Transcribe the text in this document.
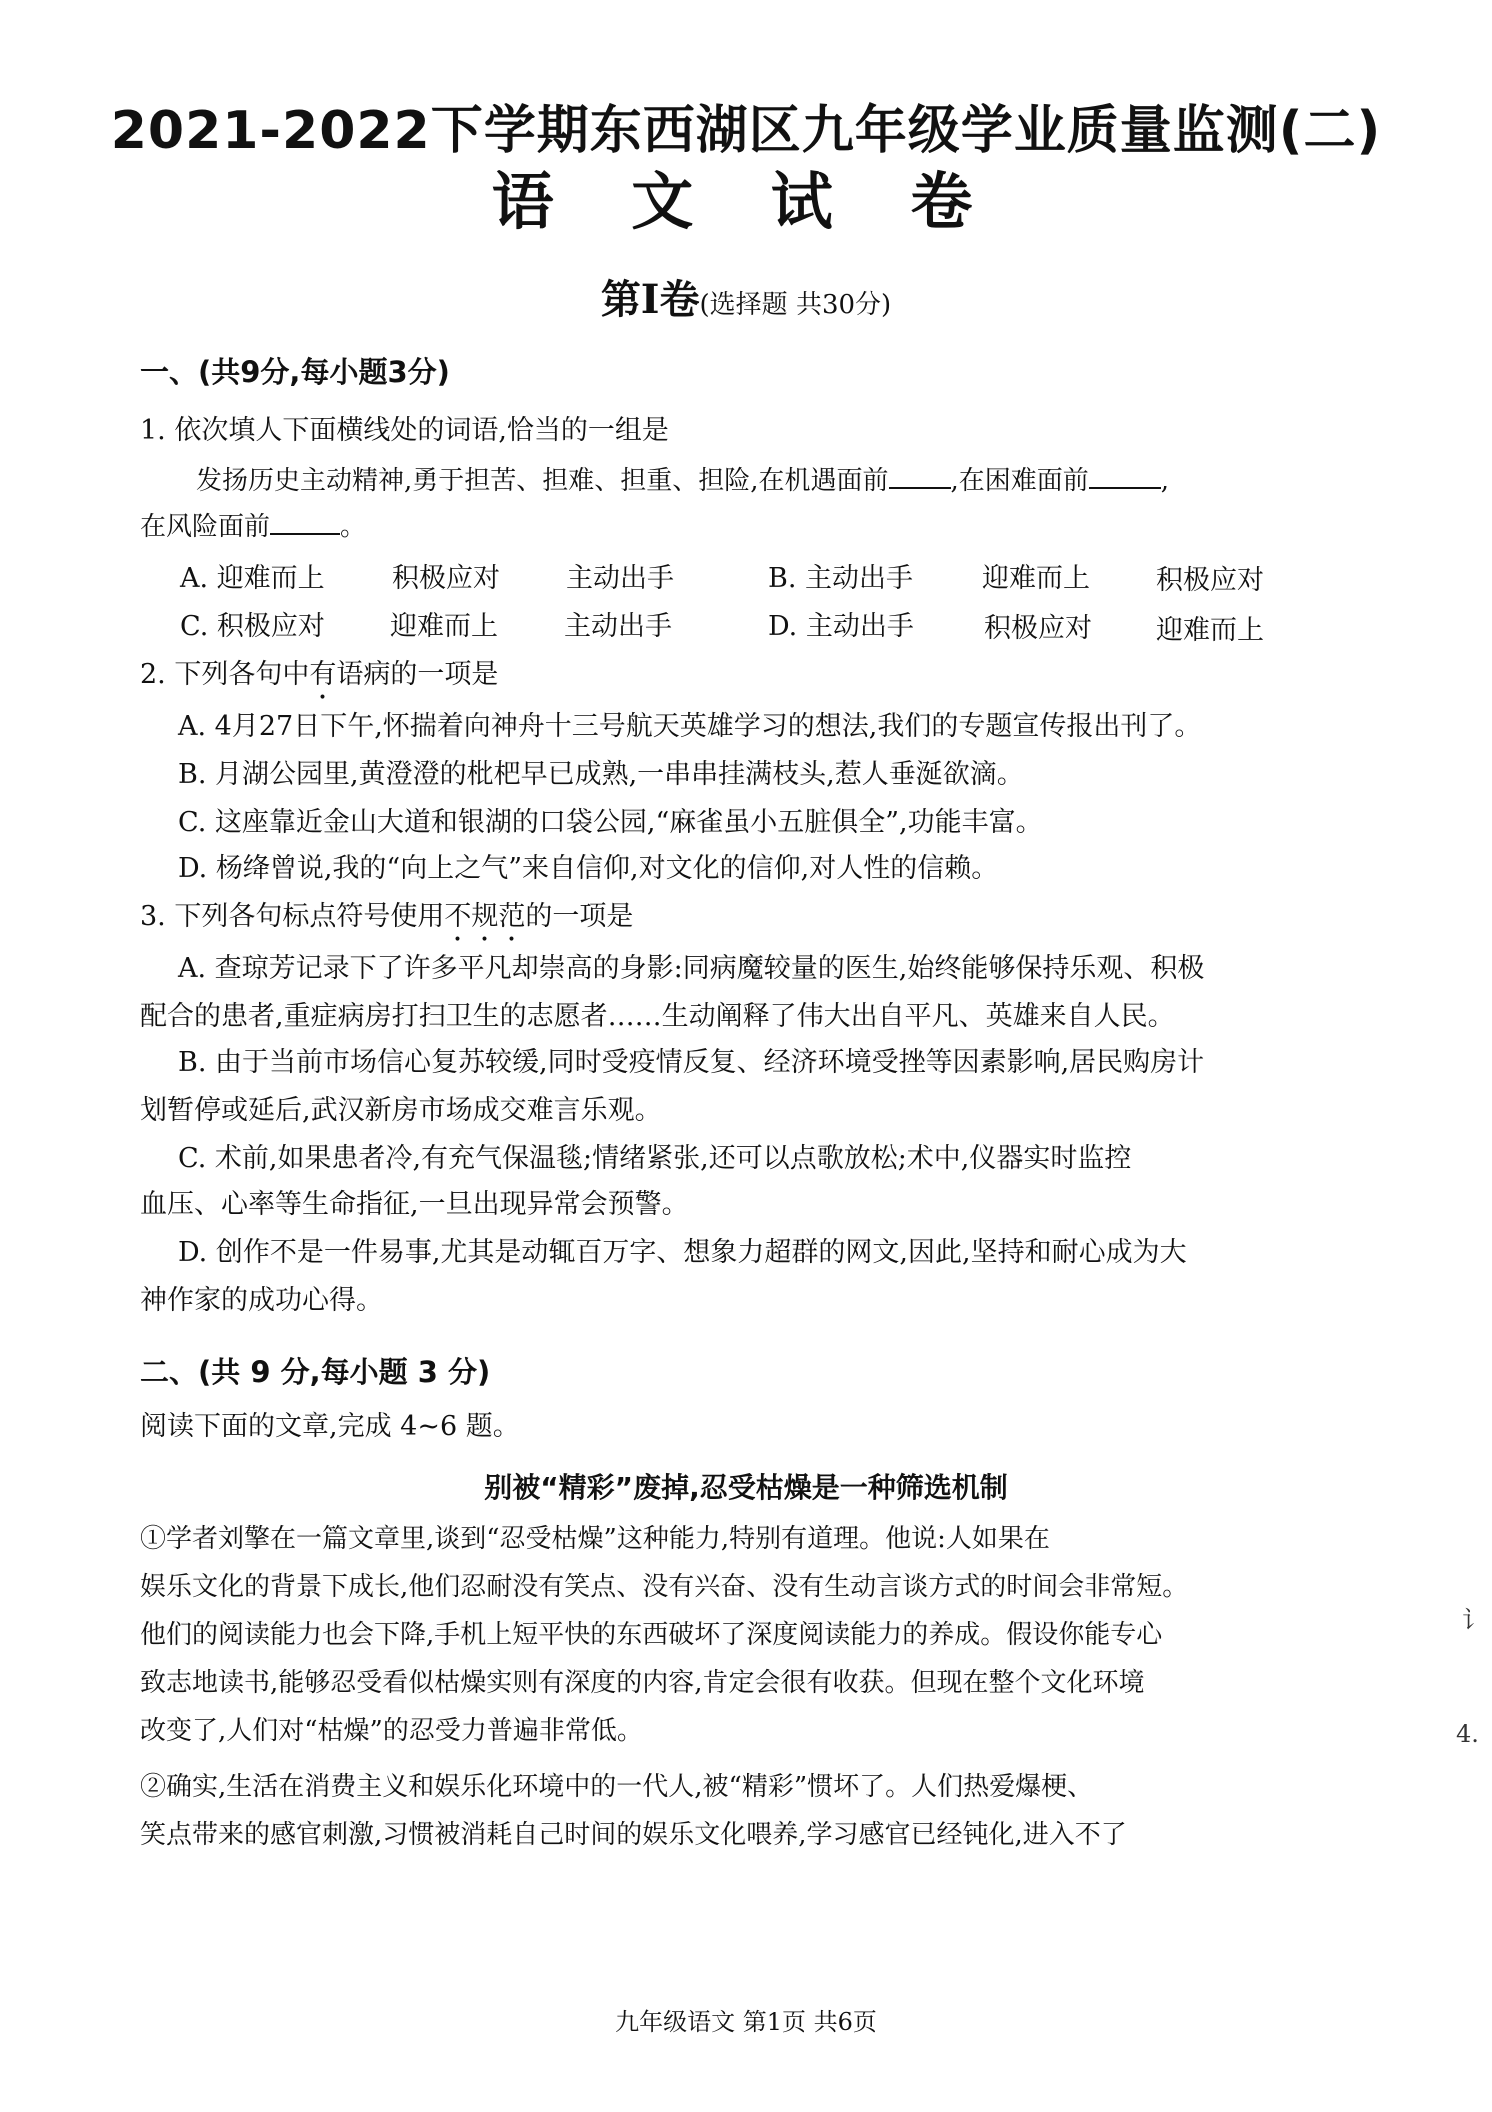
2021-2022下学期东西湖区九年级学业质量监测(二)
语 文 试 卷
第Ⅰ卷(选择题 共30分)
一、(共9分,每小题3分)
1. 依次填人下面横线处的词语,恰当的一组是
发扬历史主动精神,勇于担苦、担难、担重、担险,在机遇面前 ,在困难面前	,
在风险面前	。
A. 迎难而上 积极应对 主动出手	B. 主动出手	迎难而上 积极应对
C. 积极应对 迎难而上 主动出手	D. 主动出手	积极应对 迎难而上
2. 下列各句中有语病的一项是
A. 4月27日下午,怀揣着向神舟十三号航天英雄学习的想法,我们的专题宣传报出刊了。
B. 月湖公园里,黄澄澄的枇杷早已成熟,一串串挂满枝头,惹人垂涎欲滴。
C. 这座靠近金山大道和银湖的口袋公园,“麻雀虽小五脏俱全”,功能丰富。
D. 杨绛曾说,我的“向上之气”来自信仰,对文化的信仰,对人性的信赖。
3. 下列各句标点符号使用不规范的一项是
A. 查琼芳记录下了许多平凡却崇高的身影:同病魔较量的医生,始终能够保持乐观、积极
配合的患者,重症病房打扫卫生的志愿者……生动阐释了伟大出自平凡、英雄来自人民。
B. 由于当前市场信心复苏较缓,同时受疫情反复、经济环境受挫等因素影响,居民购房计
划暂停或延后,武汉新房市场成交难言乐观。
C. 术前,如果患者冷,有充气保温毯;情绪紧张,还可以点歌放松;术中,仪器实时监控
血压、心率等生命指征,一旦出现异常会预警。
D. 创作不是一件易事,尤其是动辄百万字、想象力超群的网文,因此,坚持和耐心成为大
神作家的成功心得。
二、(共 9 分,每小题 3 分)
阅读下面的文章,完成 4~6 题。
别被“精彩”废掉,忍受枯燥是一种筛选机制
①学者刘擎在一篇文章里,谈到“忍受枯燥”这种能力,特别有道理。他说:人如果在
娱乐文化的背景下成长,他们忍耐没有笑点、没有兴奋、没有生动言谈方式的时间会非常短。
他们的阅读能力也会下降,手机上短平快的东西破坏了深度阅读能力的养成。假设你能专心
致志地读书,能够忍受看似枯燥实则有深度的内容,肯定会很有收获。但现在整个文化环境
改变了,人们对“枯燥”的忍受力普遍非常低。
②确实,生活在消费主义和娱乐化环境中的一代人,被“精彩”惯坏了。人们热爱爆梗、
笑点带来的感官刺激,习惯被消耗自己时间的娱乐文化喂养,学习感官已经钝化,进入不了
九年级语文 第1页 共6页
讠
4.
